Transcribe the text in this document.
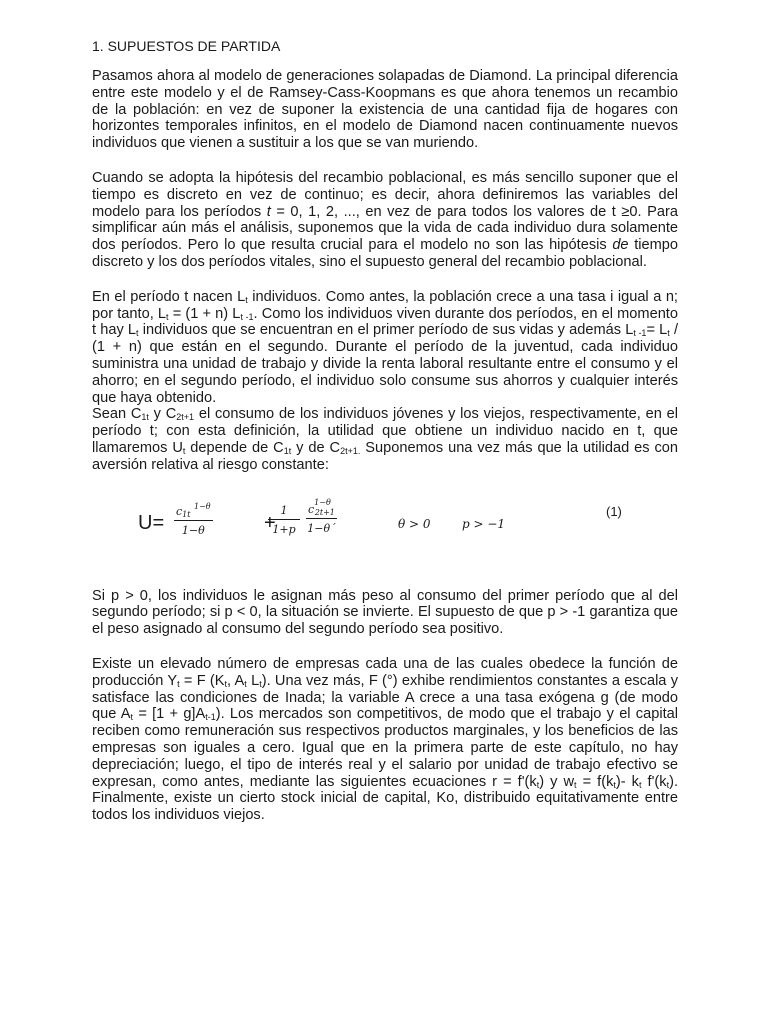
1. SUPUESTOS DE PARTIDA

Pasamos ahora al modelo de generaciones solapadas de Diamond. La principal diferencia entre este modelo y el de Ramsey-Cass-Koopmans es que ahora tenemos un recambio de la población: en vez de suponer la existencia de una cantidad fija de hogares con horizontes temporales infinitos, en el modelo de Diamond nacen continuamente nuevos individuos que vienen a sustituir a los que se van muriendo.

Cuando se adopta la hipótesis del recambio poblacional, es más sencillo suponer que el tiempo es discreto en vez de continuo; es decir, ahora definiremos las variables del modelo para los períodos t = 0, 1, 2, ..., en vez de para todos los valores de t ≥0. Para simplificar aún más el análisis, suponemos que la vida de cada individuo dura solamente dos períodos. Pero lo que resulta crucial para el modelo no son las hipótesis de tiempo discreto y los dos períodos vitales, sino el supuesto general del recambio poblacional.

En el período t nacen $L_t$ individuos. Como antes, la población crece a una tasa i igual a n; por tanto, $L_t = (1 + n)$ $L_{t -1}$. Como los individuos viven durante dos períodos, en el momento t hay $L_t$ individuos que se encuentran en el primer período de sus vidas y además $L_{t -1}= L_t / (1 + n)$ que están en el segundo. Durante el período de la juventud, cada individuo suministra una unidad de trabajo y divide la renta laboral resultante entre el consumo y el ahorro; en el segundo período, el individuo solo consume sus ahorros y cualquier interés que haya obtenido.

Sean $C_{1t}$ y $C_{2t+1}$ el consumo de los individuos jóvenes y los viejos, respectivamente, en el período t; con esta definición, la utilidad que obtiene un individuo nacido en t, que llamaremos $U_t$ depende de $C_{1t}$ y de $C_{2t+1.}$ Suponemos una vez más que la utilidad es con aversión relativa al riesgo constante:

$U= \frac{c_{1t} ^{1-\theta}}{1-\theta}$	+
$\frac{1}{1+p} \frac{c^{1-\theta}_{2t+1}}{1-\theta´}$	θ > 0	p > −1
(1)

Si p > 0, los individuos le asignan más peso al consumo del primer período que al del segundo período; si p < 0, la situación se invierte. El supuesto de que p > -1 garantiza que el peso asignado al consumo del segundo período sea positivo.

Existe un elevado número de empresas cada una de las cuales obedece la función de producción $Y_t = F$ ($K_t$, $A_t$ $L_t$). Una vez más, F (°) exhibe rendimientos constantes a escala y satisface las condiciones de Inada; la variable A crece a una tasa exógena g (de modo que $A_t = [1 + g]A_{t-1}$). Los mercados son competitivos, de modo que el trabajo y el capital reciben como remuneración sus respectivos productos marginales, y los beneficios de las empresas son iguales a cero. Igual que en la primera parte de este capítulo, no hay depreciación; luego, el tipo de interés real y el salario por unidad de trabajo efectivo se expresan, como antes, mediante las siguientes ecuaciones $r = f'(k_t)$ y $w_t = f(k_t)-$ $k_t$ $f'(k_t)$. Finalmente, existe un cierto stock inicial de capital, Ko, distribuido equitativamente entre todos los individuos viejos.
